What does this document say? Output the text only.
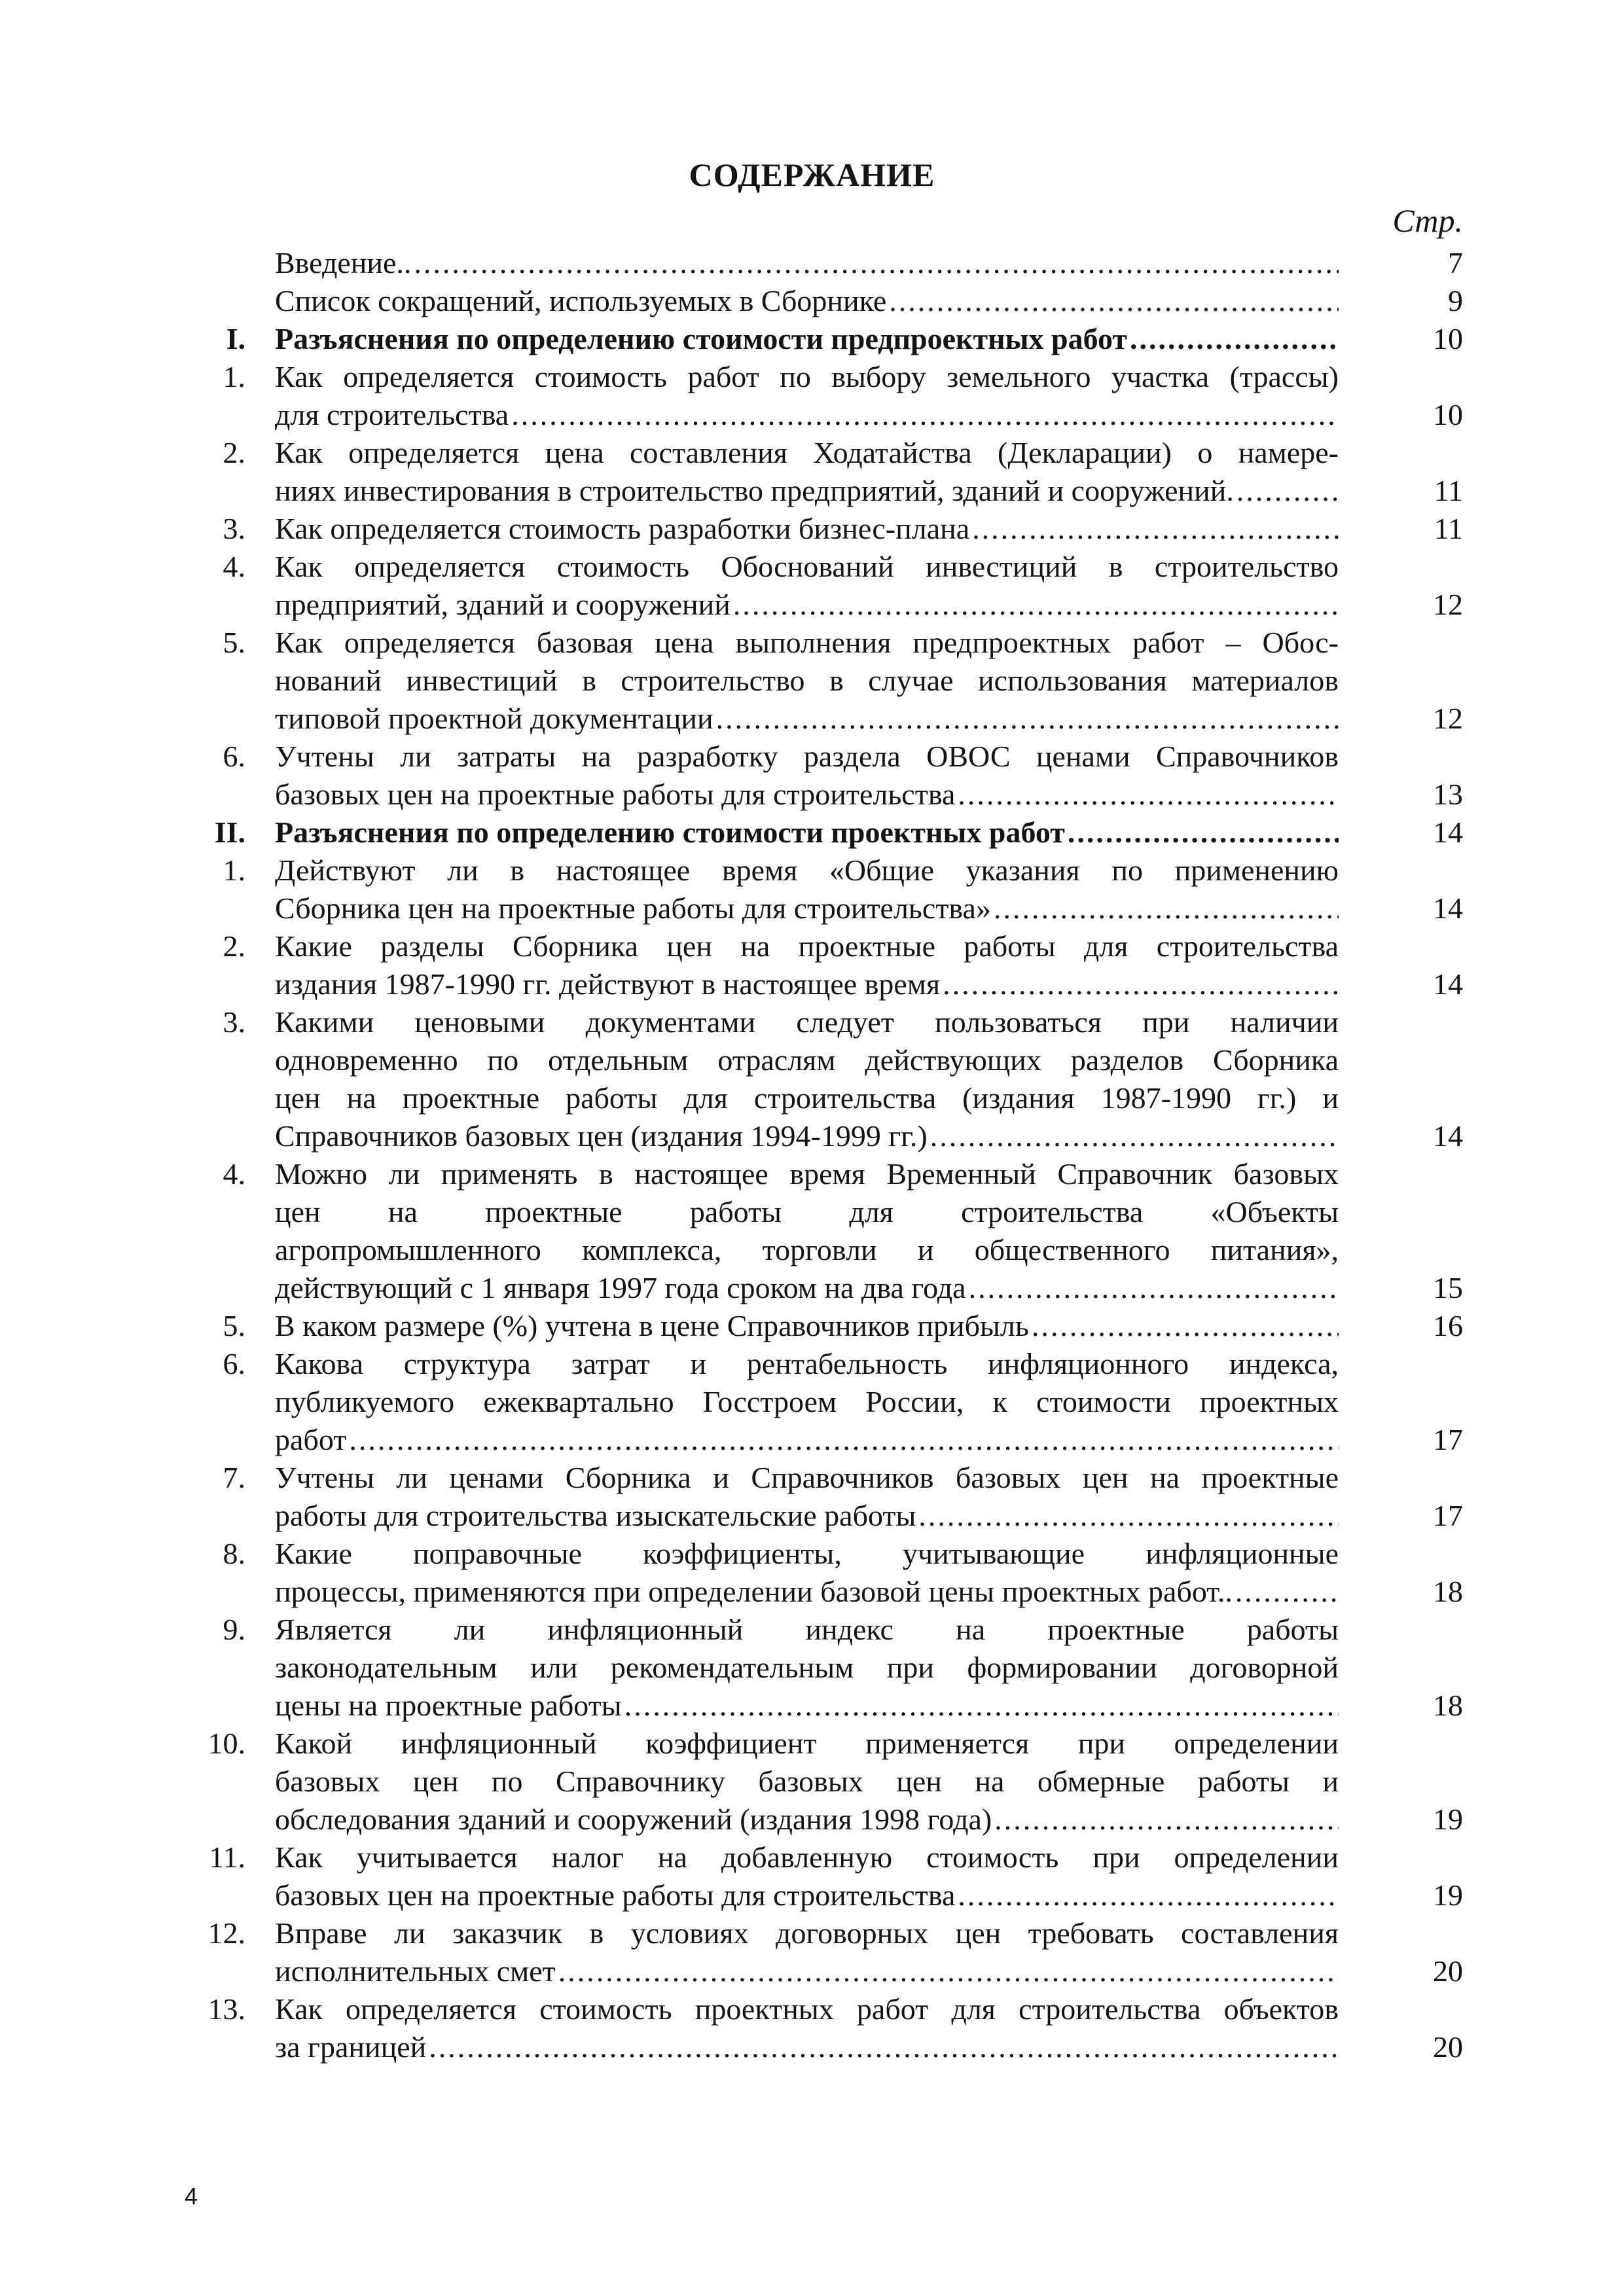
СОДЕРЖАНИЕ
Стр.
Введение.. .....	7
Список сокращений, используемых в Сборнике .....	9
I. Разъяснения по определению стоимости предпроектных работ .....	10
1. Как определяется стоимость работ по выбору земельного участка (трассы)
для строительства .....	10
2. Как определяется цена составления Ходатайства (Декларации) о намере-
ниях инвестирования в строительство предприятий, зданий и сооружений. .....	11
3. Как определяется стоимость разработки бизнес-плана .....	11
4. Как определяется стоимость Обоснований инвестиций в строительство
предприятий, зданий и сооружений .....	12
5. Как определяется базовая цена выполнения предпроектных работ – Обос-
нований инвестиций в строительство в случае использования материалов
типовой проектной документации .....	12
6. Учтены ли затраты на разработку раздела ОВОС ценами Справочников
базовых цен на проектные работы для строительства .....	13
II. Разъяснения по определению стоимости проектных работ .....	14
1. Действуют ли в настоящее время «Общие указания по применению
Сборника цен на проектные работы для строительства» .....	14
2. Какие разделы Сборника цен на проектные работы для строительства
издания 1987-1990 гг. действуют в настоящее время .....	14
3. Какими ценовыми документами следует пользоваться при наличии
одновременно по отдельным отраслям действующих разделов Сборника
цен на проектные работы для строительства (издания 1987-1990 гг.) и
Справочников базовых цен (издания 1994-1999 гг.) .....	14
4. Можно ли применять в настоящее время Временный Справочник базовых
цен на проектные работы для строительства «Объекты
агропромышленного комплекса, торговли и общественного питания»,
действующий с 1 января 1997 года сроком на два года .....	15
5. В каком размере (%) учтена в цене Справочников прибыль .....	16
6. Какова структура затрат и рентабельность инфляционного индекса,
публикуемого ежеквартально Госстроем России, к стоимости проектных
работ .....	17
7. Учтены ли ценами Сборника и Справочников базовых цен на проектные
работы для строительства изыскательские работы .....	17
8. Какие поправочные коэффициенты, учитывающие инфляционные
процессы, применяются при определении базовой цены проектных работ.. .....	18
9. Является ли инфляционный индекс на проектные работы
законодательным или рекомендательным при формировании договорной
цены на проектные работы .....	18
10. Какой инфляционный коэффициент применяется при определении
базовых цен по Справочнику базовых цен на обмерные работы и
обследования зданий и сооружений (издания 1998 года) .....	19
11. Как учитывается налог на добавленную стоимость при определении
базовых цен на проектные работы для строительства .....	19
12. Вправе ли заказчик в условиях договорных цен требовать составления
исполнительных смет .....	20
13. Как определяется стоимость проектных работ для строительства объектов
за границей .....	20
4
